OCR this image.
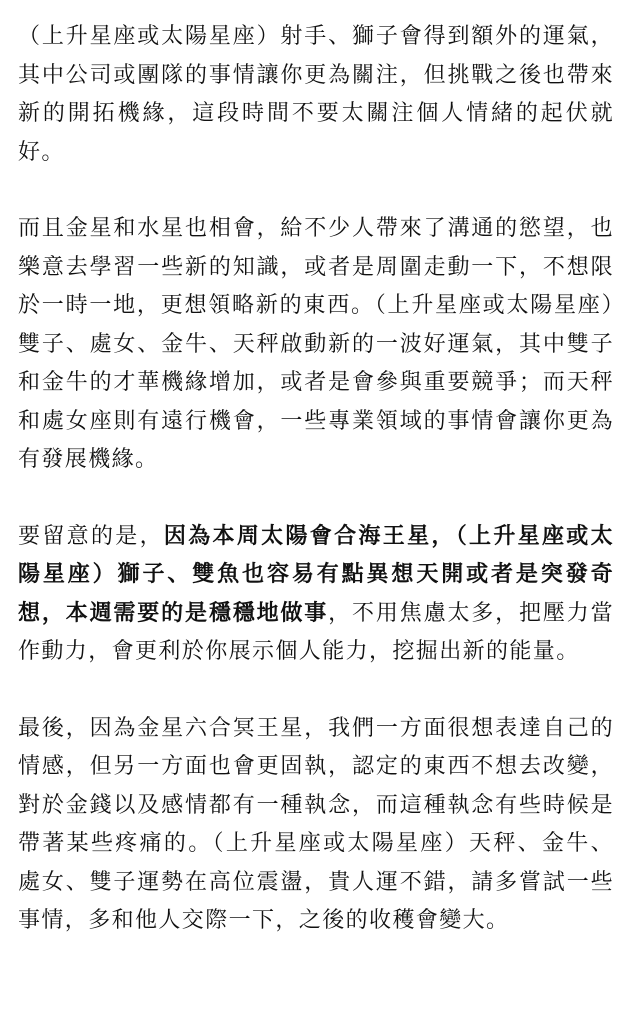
（上升星座或太陽星座）射手、獅子會得到額外的運氣，其中公司或團隊的事情讓你更為關注，但挑戰之後也帶來新的開拓機緣，這段時間不要太關注個人情緒的起伏就好。

而且金星和水星也相會，給不少人帶來了溝通的慾望，也樂意去學習一些新的知識，或者是周圍走動一下，不想限於一時一地，更想領略新的東西。（上升星座或太陽星座）雙子、處女、金牛、天秤啟動新的一波好運氣，其中雙子和金牛的才華機緣增加，或者是會參與重要競爭；而天秤和處女座則有遠行機會，一些專業領域的事情會讓你更為有發展機緣。

要留意的是，因為本周太陽會合海王星，（上升星座或太陽星座）獅子、雙魚也容易有點異想天開或者是突發奇想，本週需要的是穩穩地做事，不用焦慮太多，把壓力當作動力，會更利於你展示個人能力，挖掘出新的能量。

最後，因為金星六合冥王星，我們一方面很想表達自己的情感，但另一方面也會更固執，認定的東西不想去改變，對於金錢以及感情都有一種執念，而這種執念有些時候是帶著某些疼痛的。（上升星座或太陽星座）天秤、金牛、處女、雙子運勢在高位震盪，貴人運不錯，請多嘗試一些事情，多和他人交際一下，之後的收穫會變大。
